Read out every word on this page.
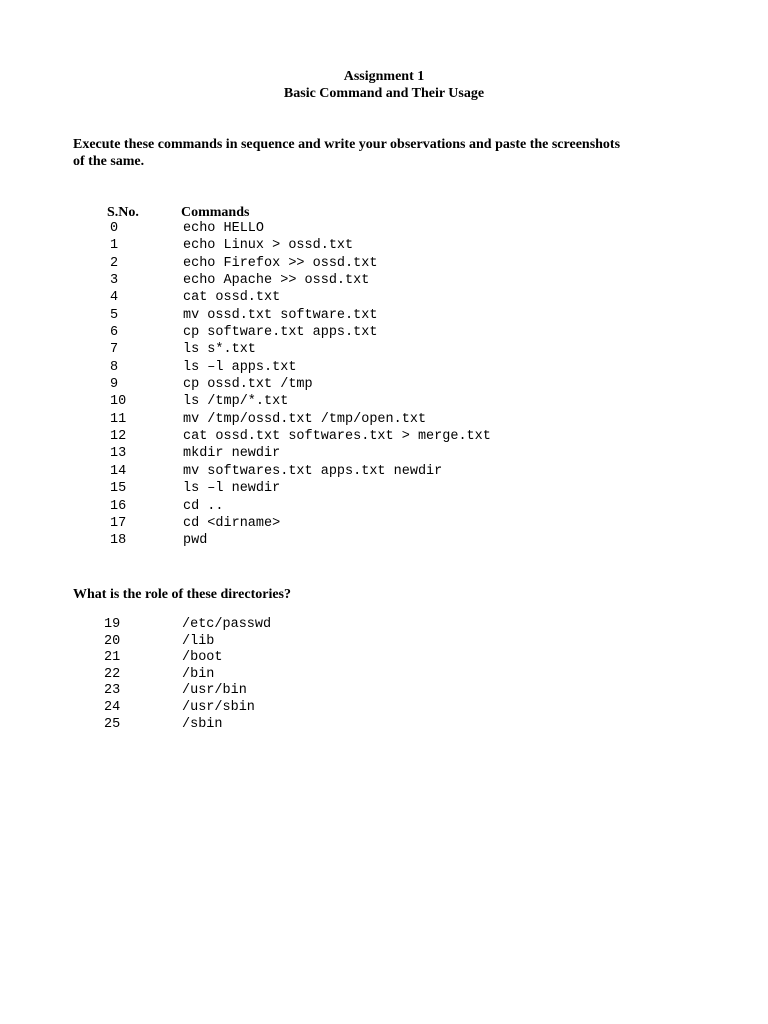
Assignment 1
Basic Command and Their Usage

Execute these commands in sequence and write your observations and paste the screenshots of the same.

S.No.	Commands
0	echo HELLO
1	echo Linux > ossd.txt
2	echo Firefox >> ossd.txt
3	echo Apache >> ossd.txt
4	cat ossd.txt
5	mv ossd.txt software.txt
6	cp software.txt apps.txt
7	ls s*.txt
8	ls –l apps.txt
9	cp ossd.txt /tmp
10	ls /tmp/*.txt
11	mv /tmp/ossd.txt /tmp/open.txt
12	cat ossd.txt softwares.txt > merge.txt
13	mkdir newdir
14	mv softwares.txt apps.txt newdir
15	ls –l newdir
16	cd ..
17	cd <dirname>
18	pwd

What is the role of these directories?

19	/etc/passwd
20	/lib
21	/boot
22	/bin
23	/usr/bin
24	/usr/sbin
25	/sbin
